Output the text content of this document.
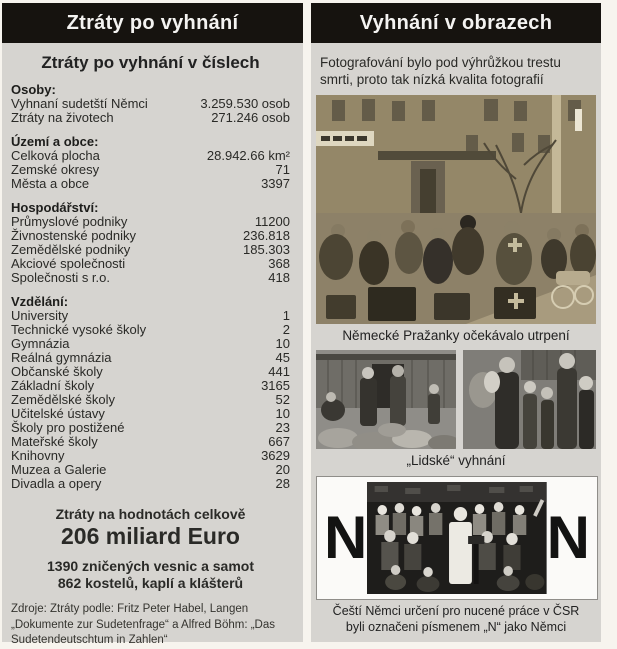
Ztráty po vyhnání
Ztráty po vyhnání v číslech
Osoby:
Vyhnaní sudetští Němci	3.259.530 osob
Ztráty na životech	271.246 osob
Území a obce:
Celková plocha	28.942.66 km²
Zemské okresy	71
Města a obce	3397
Hospodářství:
Průmyslové podniky	11200
Živnostenské podniky	236.818
Zemědělské podniky	185.303
Akciové společnosti	368
Společnosti s r.o.	418
Vzdělání:
University	1
Technické vysoké školy	2
Gymnázia	10
Reálná gymnázia	45
Občanské školy	441
Základní školy	3165
Zemědělské školy	52
Učitelské ústavy	10
Školy pro postižené	23
Mateřské školy	667
Knihovny	3629
Muzea a Galerie	20
Divadla a opery	28
Ztráty na hodnotách celkově
206 miliard Euro
1390 zničených vesnic a samot
862 kostelů, kaplí a klášterů
Zdroje: Ztráty podle: Fritz Peter Habel, Langen „Dokumente zur Sudetenfrage“ a Alfred Böhm: „Das Sudetendeutschtum in Zahlen“
Vyhnání v obrazech
Fotografování bylo pod výhrůžkou trestu smrti, proto tak nízká kvalita fotografií
Německé Pražanky očekávalo utrpení
„Lidské“ vyhnání
N	N
Čeští Němci určení pro nucené práce v ČSR
byli označeni písmenem „N“ jako Němci
